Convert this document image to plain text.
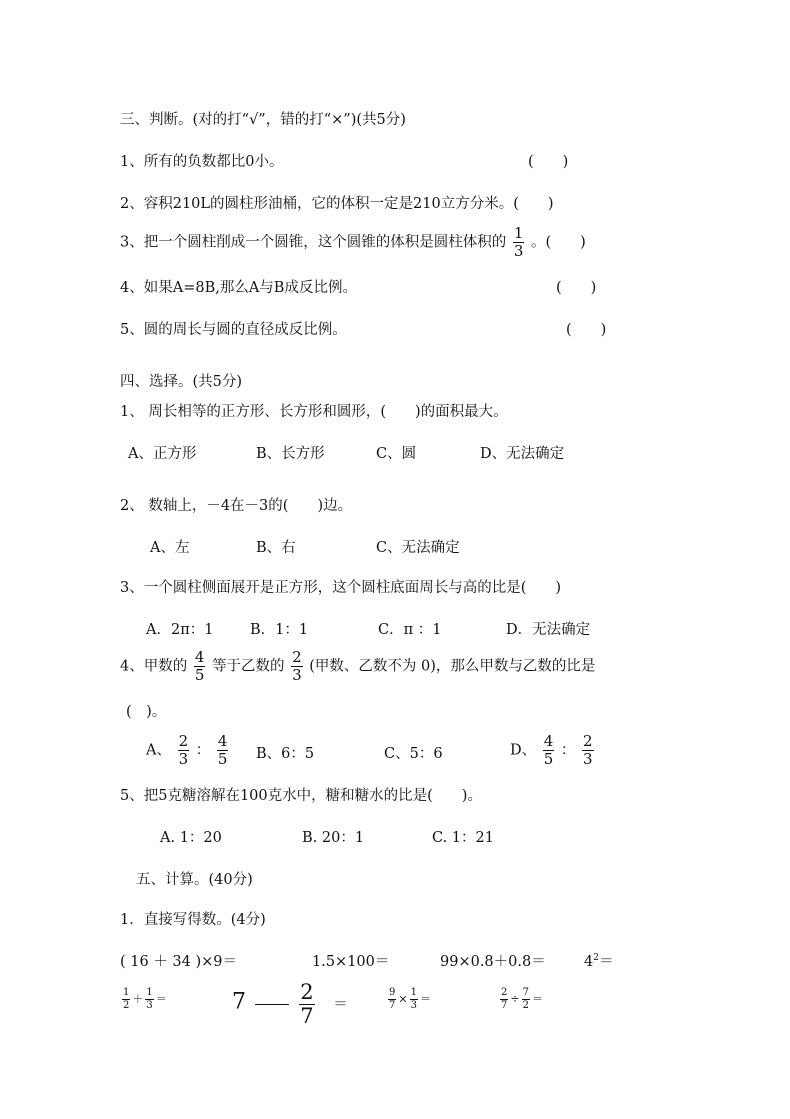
三、判断。(对的打“√”，错的打“×”)(共5分)
1、所有的负数都比0小。	(　　)
2、容积210L的圆柱形油桶，它的体积一定是210立方分米。(　　)
3、把一个圆柱削成一个圆锥，这个圆锥的体积是圆柱体积的 $\frac{1}{3}$ 。(　　)
4、如果A=8B,那么A与B成反比例。	(　　)
5、圆的周长与圆的直径成反比例。	(　　)
四、选择。(共5分)
1、 周长相等的正方形、长方形和圆形，(　　)的面积最大。
A、正方形	B、长方形	C、圆	D、无法确定
2、 数轴上，－4在－3的(　　)边。
A、左	B、右	C、无法确定
3、一个圆柱侧面展开是正方形，这个圆柱底面周长与高的比是(　　)
A．2π：1	B．1：1	C．π ：1	D．无法确定
4、甲数的 $\frac{4}{5}$ 等于乙数的 $\frac{2}{3}$ (甲数、乙数不为 0)，那么甲数与乙数的比是
(　)。
A、 $\frac{2}{3}$ ： $\frac{4}{5}$ B、6：5	C、5：6	D、 $\frac{4}{5}$ ： $\frac{2}{3}$
5、把5克糖溶解在100克水中，糖和糖水的比是(　　)。
A. 1：20	B. 20：1	C. 1：21
五、计算。(40分)
1．直接写得数。(4分)
( 16 ＋ 34 )×9＝	1.5×100＝	99×0.8＋0.8＝	$4^2=$
$\frac{1}{2} + \frac{1}{3}$ ＝	7	$\frac{2}{7}$ ＝	$\frac{9}{7} \times \frac{1}{3}$ ＝	$\frac{2}{7} \div \frac{7}{2}$ ＝
